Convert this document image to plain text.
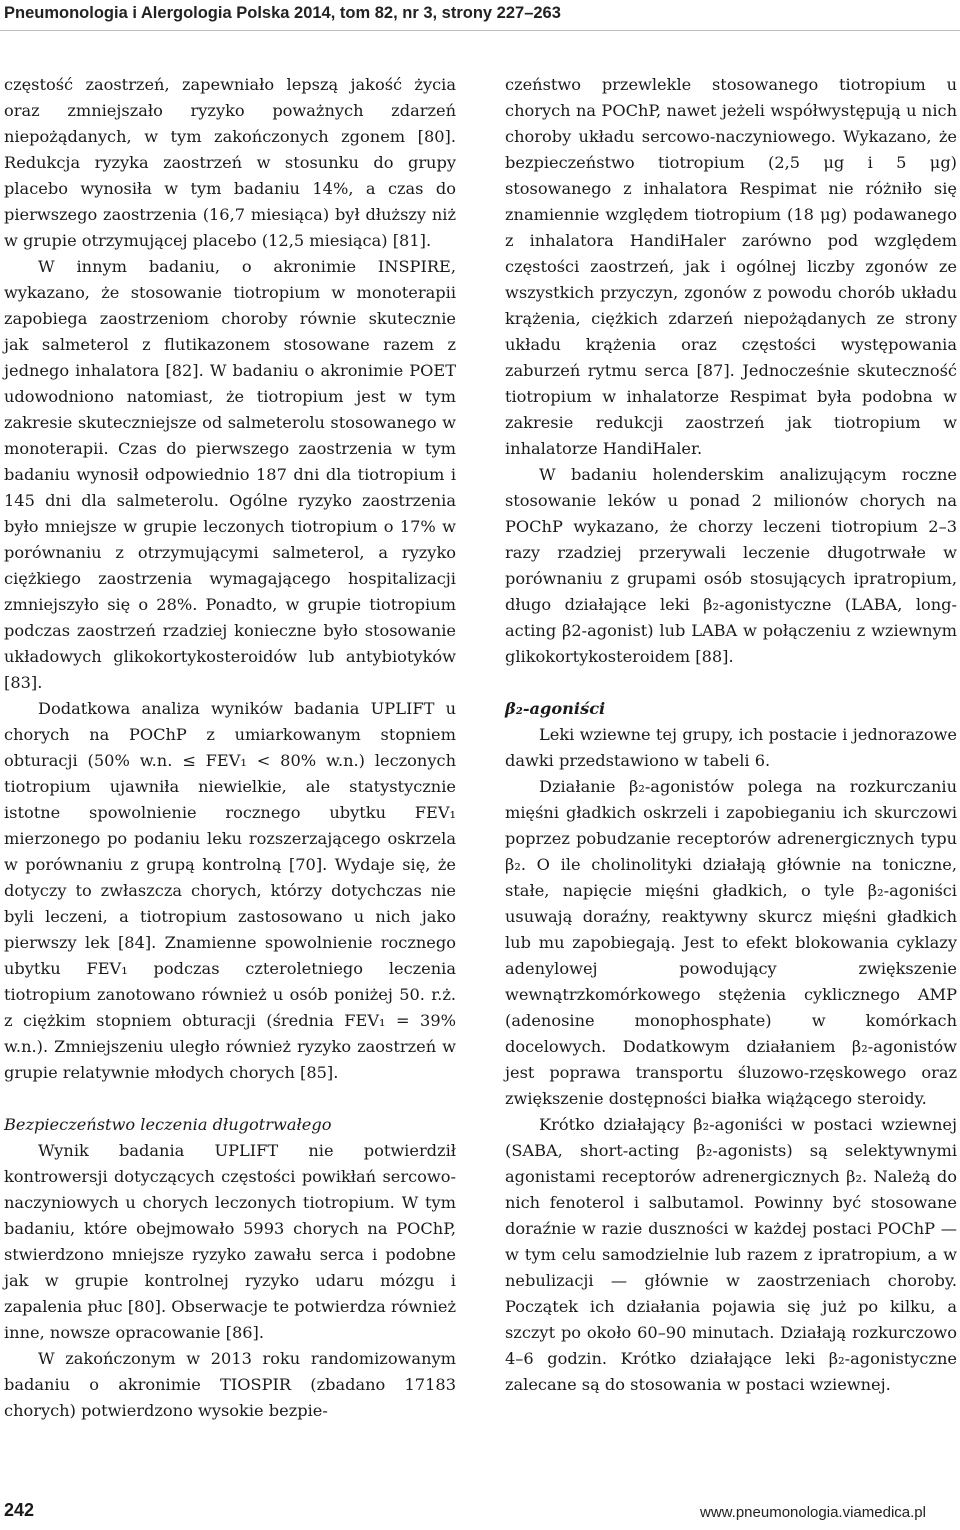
Pneumonologia i Alergologia Polska 2014, tom 82, nr 3, strony 227–263

częstość zaostrzeń, zapewniało lepszą jakość życia oraz zmniejszało ryzyko poważnych zdarzeń niepożądanych, w tym zakończonych zgonem [80]. Redukcja ryzyka zaostrzeń w stosunku do grupy placebo wynosiła w tym badaniu 14%, a czas do pierwszego zaostrzenia (16,7 miesiąca) był dłuższy niż w grupie otrzymującej placebo (12,5 miesiąca) [81].

W innym badaniu, o akronimie INSPIRE, wykazano, że stosowanie tiotropium w monoterapii zapobiega zaostrzeniom choroby równie skutecznie jak salmeterol z flutikazonem stosowane razem z jednego inhalatora [82]. W badaniu o akronimie POET udowodniono natomiast, że tiotropium jest w tym zakresie skuteczniejsze od salmeterolu stosowanego w monoterapii. Czas do pierwszego zaostrzenia w tym badaniu wynosił odpowiednio 187 dni dla tiotropium i 145 dni dla salmeterolu. Ogólne ryzyko zaostrzenia było mniejsze w grupie leczonych tiotropium o 17% w porównaniu z otrzymującymi salmeterol, a ryzyko ciężkiego zaostrzenia wymagającego hospitalizacji zmniejszyło się o 28%. Ponadto, w grupie tiotropium podczas zaostrzeń rzadziej konieczne było stosowanie układowych glikokortykosteroidów lub antybiotyków [83].

Dodatkowa analiza wyników badania UPLIFT u chorych na POChP z umiarkowanym stopniem obturacji (50% w.n. ≤ FEV₁ < 80% w.n.) leczonych tiotropium ujawniła niewielkie, ale statystycznie istotne spowolnienie rocznego ubytku FEV₁ mierzonego po podaniu leku rozszerzającego oskrzela w porównaniu z grupą kontrolną [70]. Wydaje się, że dotyczy to zwłaszcza chorych, którzy dotychczas nie byli leczeni, a tiotropium zastosowano u nich jako pierwszy lek [84]. Znamienne spowolnienie rocznego ubytku FEV₁ podczas czteroletniego leczenia tiotropium zanotowano również u osób poniżej 50. r.ż. z ciężkim stopniem obturacji (średnia FEV₁ = 39% w.n.). Zmniejszeniu uległo również ryzyko zaostrzeń w grupie relatywnie młodych chorych [85].

Bezpieczeństwo leczenia długotrwałego

Wynik badania UPLIFT nie potwierdził kontrowersji dotyczących częstości powikłań sercowo-naczyniowych u chorych leczonych tiotropium. W tym badaniu, które obejmowało 5993 chorych na POChP, stwierdzono mniejsze ryzyko zawału serca i podobne jak w grupie kontrolnej ryzyko udaru mózgu i zapalenia płuc [80]. Obserwacje te potwierdza również inne, nowsze opracowanie [86].

W zakończonym w 2013 roku randomizowanym badaniu o akronimie TIOSPIR (zbadano 17183 chorych) potwierdzono wysokie bezpie-

czeństwo przewlekle stosowanego tiotropium u chorych na POChP, nawet jeżeli współwystępują u nich choroby układu sercowo-naczyniowego. Wykazano, że bezpieczeństwo tiotropium (2,5 μg i 5 μg) stosowanego z inhalatora Respimat nie różniło się znamiennie względem tiotropium (18 μg) podawanego z inhalatora HandiHaler zarówno pod względem częstości zaostrzeń, jak i ogólnej liczby zgonów ze wszystkich przyczyn, zgonów z powodu chorób układu krążenia, ciężkich zdarzeń niepożądanych ze strony układu krążenia oraz częstości występowania zaburzeń rytmu serca [87]. Jednocześnie skuteczność tiotropium w inhalatorze Respimat była podobna w zakresie redukcji zaostrzeń jak tiotropium w inhalatorze HandiHaler.

W badaniu holenderskim analizującym roczne stosowanie leków u ponad 2 milionów chorych na POChP wykazano, że chorzy leczeni tiotropium 2–3 razy rzadziej przerywali leczenie długotrwałe w porównaniu z grupami osób stosujących ipratropium, długo działające leki β₂-agonistyczne (LABA, long-acting β2-agonist) lub LABA w połączeniu z wziewnym glikokortykosteroidem [88].

β₂-agoniści

Leki wziewne tej grupy, ich postacie i jednorazowe dawki przedstawiono w tabeli 6.

Działanie β₂-agonistów polega na rozkurczaniu mięśni gładkich oskrzeli i zapobieganiu ich skurczowi poprzez pobudzanie receptorów adrenergicznych typu β₂. O ile cholinolityki działają głównie na toniczne, stałe, napięcie mięśni gładkich, o tyle β₂-agoniści usuwają doraźny, reaktywny skurcz mięśni gładkich lub mu zapobiegają. Jest to efekt blokowania cyklazy adenylowej powodujący zwiększenie wewnątrzkomórkowego stężenia cyklicznego AMP (adenosine monophosphate) w komórkach docelowych. Dodatkowym działaniem β₂-agonistów jest poprawa transportu śluzowo-rzęskowego oraz zwiększenie dostępności białka wiążącego steroidy.

Krótko działający β₂-agoniści w postaci wziewnej (SABA, short-acting β₂-agonists) są selektywnymi agonistami receptorów adrenergicznych β₂. Należą do nich fenoterol i salbutamol. Powinny być stosowane doraźnie w razie duszności w każdej postaci POChP — w tym celu samodzielnie lub razem z ipratropium, a w nebulizacji — głównie w zaostrzeniach choroby. Początek ich działania pojawia się już po kilku, a szczyt po około 60–90 minutach. Działają rozkurczowo 4–6 godzin. Krótko działające leki β₂-agonistyczne zalecane są do stosowania w postaci wziewnej.

242	www.pneumonologia.viamedica.pl
